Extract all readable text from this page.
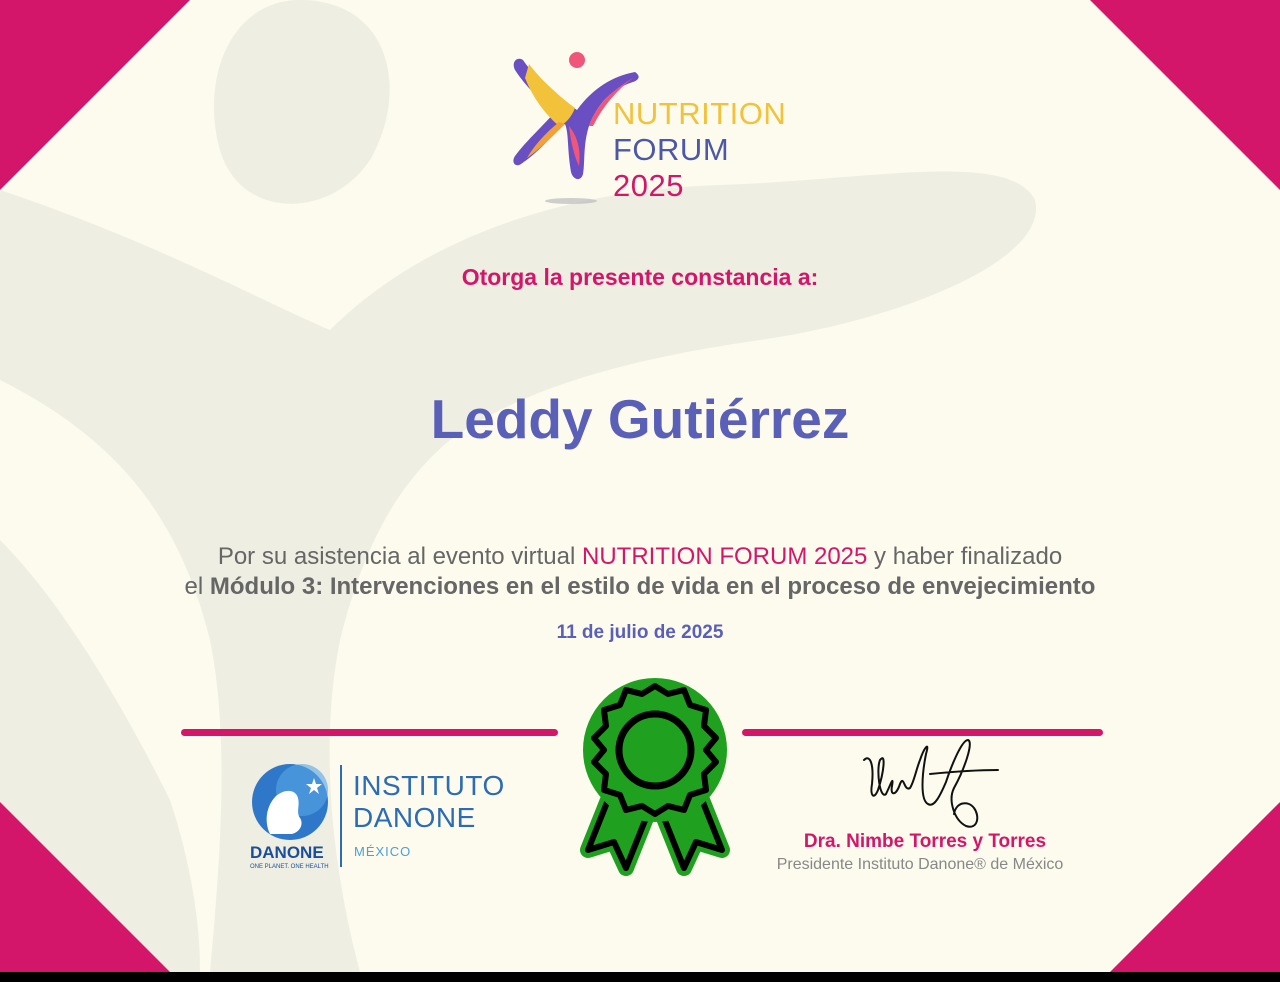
NUTRITION
FORUM
2025
Otorga la presente constancia a:
Leddy Gutiérrez
Por su asistencia al evento virtual NUTRITION FORUM 2025 y haber finalizado
el Módulo 3: Intervenciones en el estilo de vida en el proceso de envejecimiento
11 de julio de 2025
DANONE
ONE PLANET. ONE HEALTH
INSTITUTO
DANONE
MÉXICO	Dra. Nimbe Torres y Torres
Presidente Instituto Danone® de México
